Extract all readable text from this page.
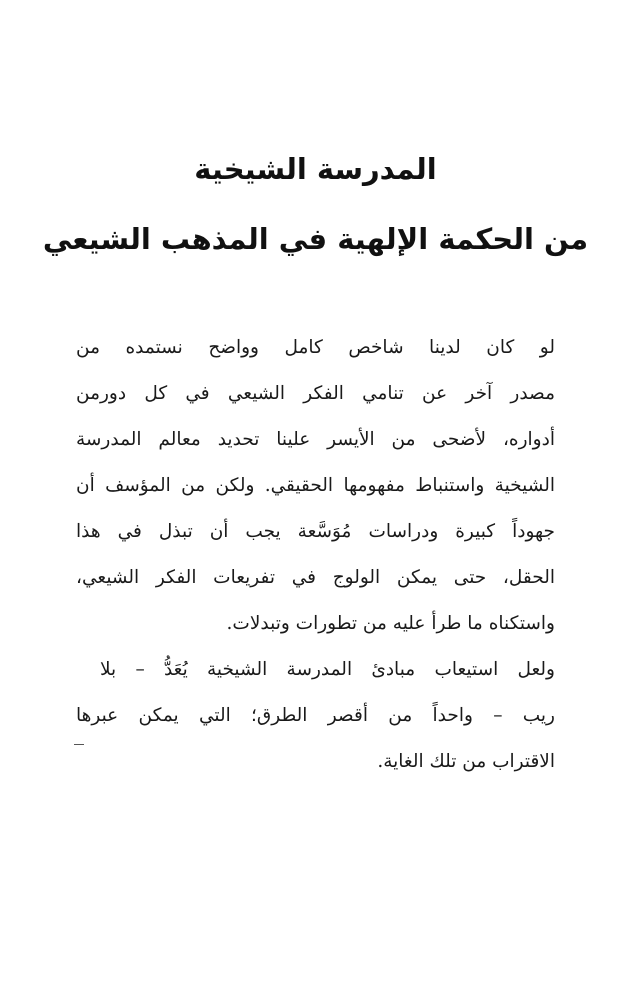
المدرسة الشيخية
من الحكمة الإلهية في المذهب الشيعي
لو كان لدينا شاخص كامل وواضح نستمده من
مصدر آخر عن تنامي الفكر الشيعي في كل دورمن
أدواره، لأضحى من الأيسر علينا تحديد معالم المدرسة
الشيخية واستنباط مفهومها الحقيقي. ولكن من المؤسف أن
جهوداً كبيرة ودراسات مُوَسَّعة يجب أن تبذل في هذا
الحقل، حتى يمكن الولوج في تفريعات الفكر الشيعي،
واستكناه ما طرأ عليه من تطورات وتبدلات.
ولعل استيعاب مبادئ المدرسة الشيخية يُعَدُّ – بلا
ريب – واحداً من أقصر الطرق؛ التي يمكن عبرها
الاقتراب من تلك الغاية.
